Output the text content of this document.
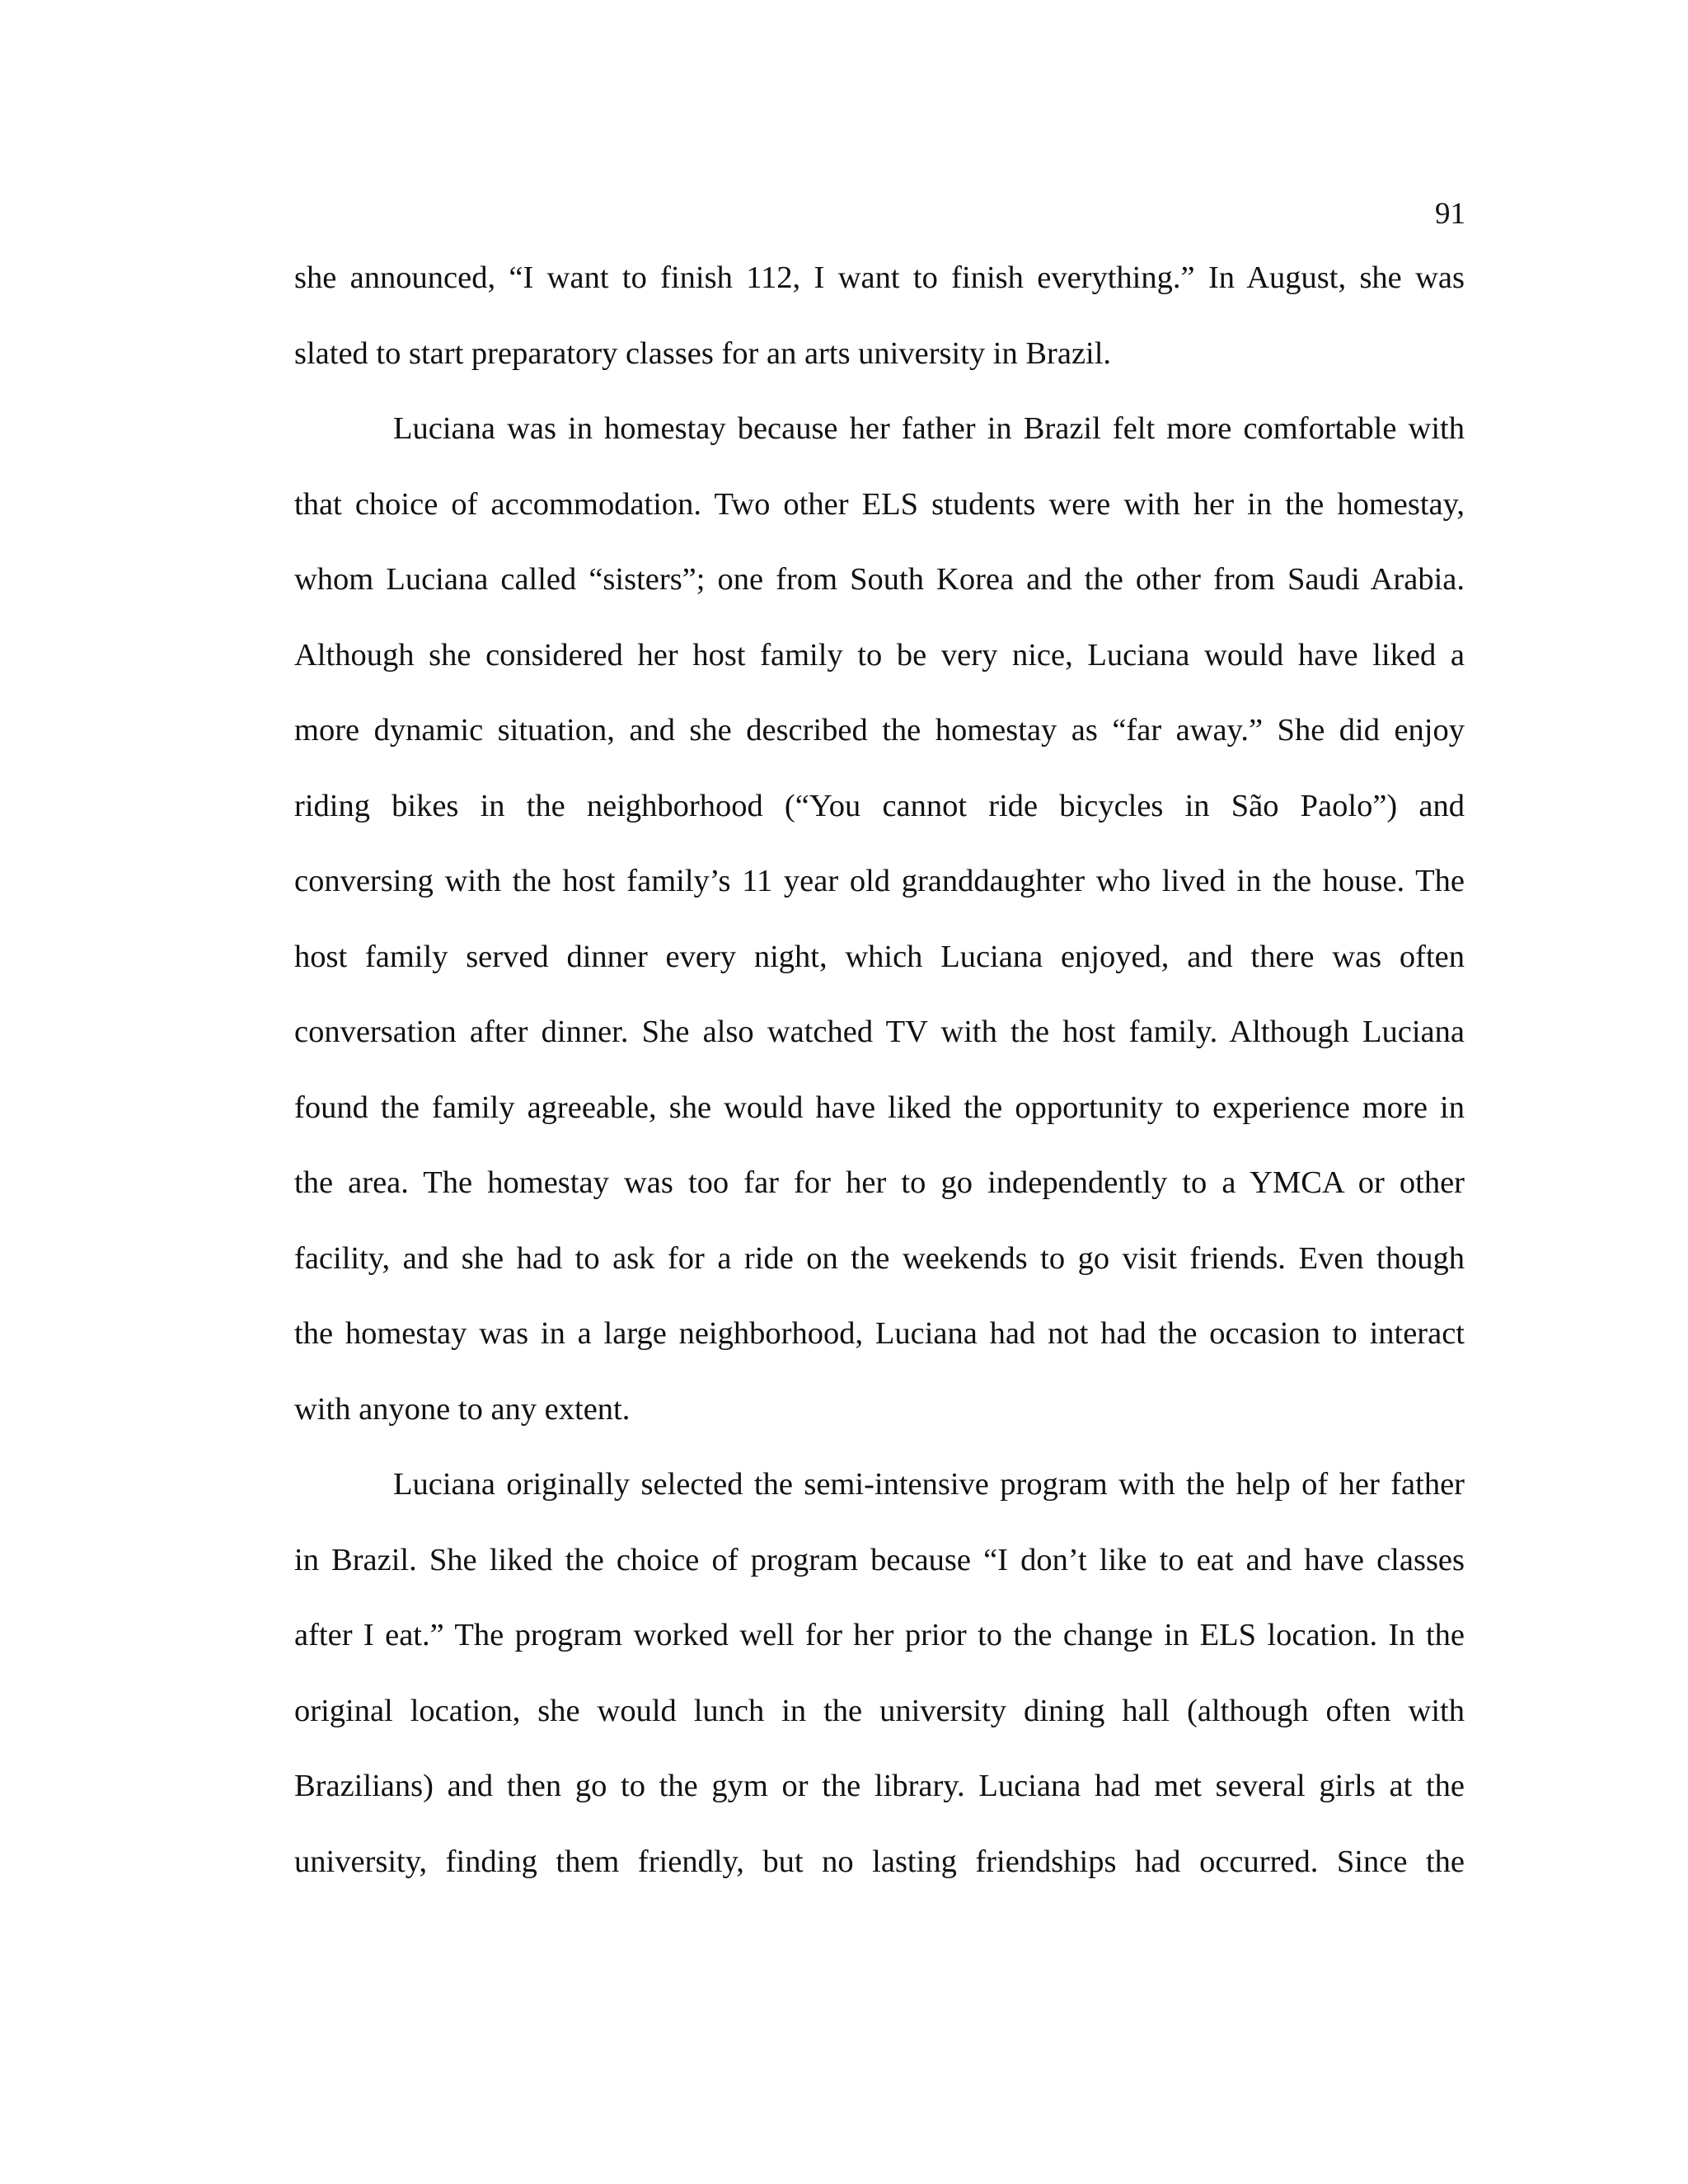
91
she announced, “I want to finish 112, I want to finish everything.” In August, she was
slated to start preparatory classes for an arts university in Brazil.
Luciana was in homestay because her father in Brazil felt more comfortable with
that choice of accommodation. Two other ELS students were with her in the homestay,
whom Luciana called “sisters”; one from South Korea and the other from Saudi Arabia.
Although she considered her host family to be very nice, Luciana would have liked a
more dynamic situation, and she described the homestay as “far away.” She did enjoy
riding bikes in the neighborhood (“You cannot ride bicycles in São Paolo”) and
conversing with the host family’s 11 year old granddaughter who lived in the house. The
host family served dinner every night, which Luciana enjoyed, and there was often
conversation after dinner. She also watched TV with the host family. Although Luciana
found the family agreeable, she would have liked the opportunity to experience more in
the area. The homestay was too far for her to go independently to a YMCA or other
facility, and she had to ask for a ride on the weekends to go visit friends. Even though
the homestay was in a large neighborhood, Luciana had not had the occasion to interact
with anyone to any extent.
Luciana originally selected the semi-intensive program with the help of her father
in Brazil. She liked the choice of program because “I don’t like to eat and have classes
after I eat.” The program worked well for her prior to the change in ELS location. In the
original location, she would lunch in the university dining hall (although often with
Brazilians) and then go to the gym or the library. Luciana had met several girls at the
university, finding them friendly, but no lasting friendships had occurred. Since the
